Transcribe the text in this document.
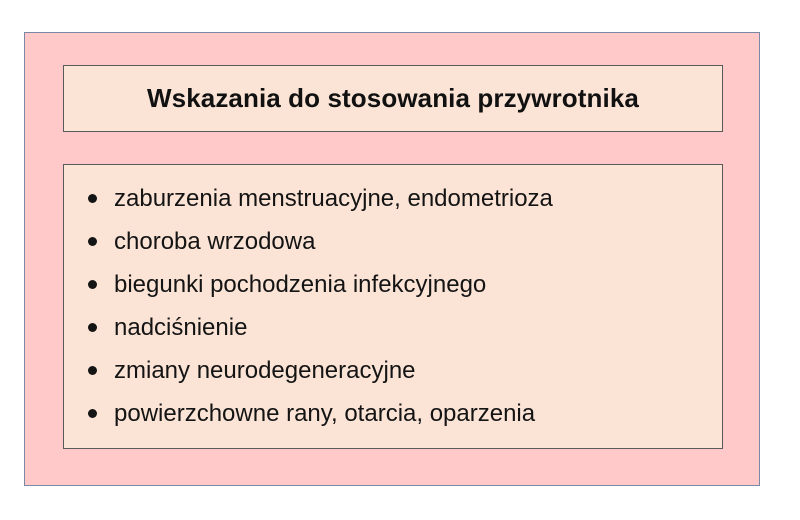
Wskazania do stosowania przywrotnika
zaburzenia menstruacyjne, endometrioza
choroba wrzodowa
biegunki pochodzenia infekcyjnego
nadciśnienie
zmiany neurodegeneracyjne
powierzchowne rany, otarcia, oparzenia
